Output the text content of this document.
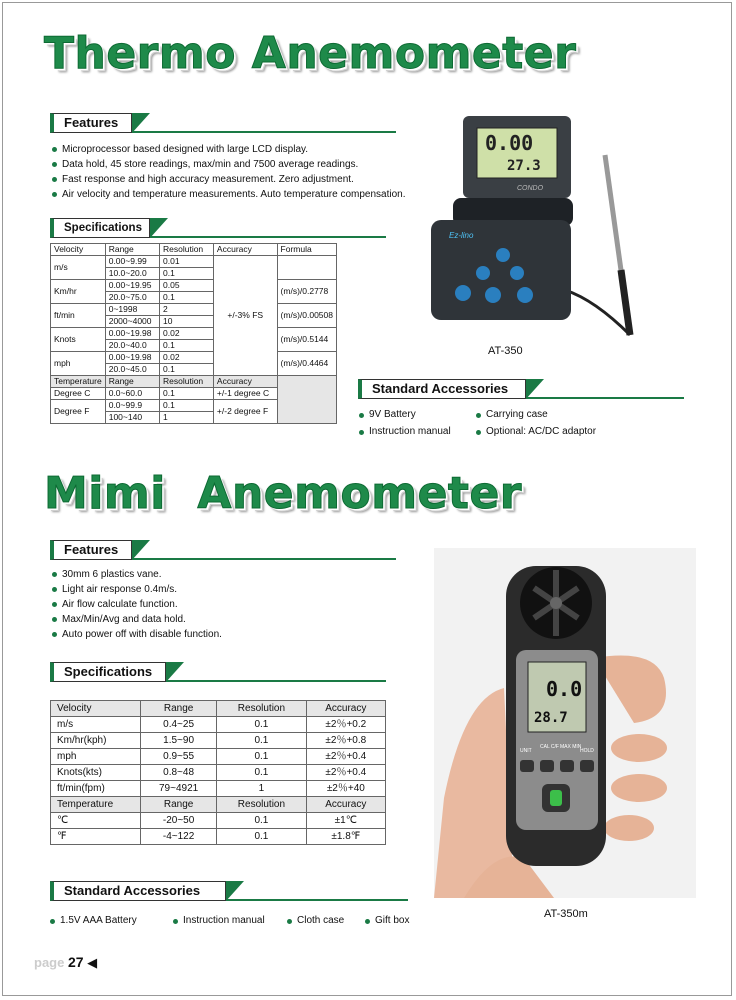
Thermo Anemometer
Features
Microprocessor based designed with large LCD display.
Data hold, 45 store readings, max/min and 7500 average readings.
Fast response and high accuracy measurement. Zero adjustment.
Air velocity and temperature measurements. Auto temperature compensation.
Specifications
Velocity	Range	Resolution	Accuracy	Formula
m/s	0.00~9.99	0.01	+/-3% FS	
	10.0~20.0	0.1		
Km/hr	0.00~19.95	0.05		(m/s)/0.2778
	20.0~75.0	0.1		
ft/min	0~1998	2		(m/s)/0.00508
	2000~4000	10		
Knots	0.00~19.98	0.02		(m/s)/0.5144
	20.0~40.0	0.1		
mph	0.00~19.98	0.02		(m/s)/0.4464
	20.0~45.0	0.1		
Temperature	Range	Resolution	Accuracy	
Degree C	0.0~60.0	0.1	+/-1 degree C	
Degree F	0.0~99.9	0.1	+/-2 degree F	
	100~140	1		
0.00
27.3
CONDO
Ez-lino
AT-350
Standard Accessories
9V Battery	Carrying case
Instruction manual	Optional: AC/DC adaptor
Mimi  Anemometer
Features
30mm 6 plastics vane.
Light air response 0.4m/s.
Air flow calculate function.
Max/Min/Avg and data hold.
Auto power off with disable function.
Specifications
Velocity	Range	Resolution	Accuracy
m/s	0.4~25	0.1	±2％+0.2
Km/hr(kph)	1.5~90	0.1	±2％+0.8
mph	0.9~55	0.1	±2％+0.4
Knots(kts)	0.8~48	0.1	±2％+0.4
ft/min(fpm)	79~4921	1	±2％+40
Temperature	Range	Resolution	Accuracy
℃	-20~50	0.1	±1℃
℉	-4~122	0.1	±1.8℉
0.0
28.7
UNIT
CAL C/F MAX MIN
HOLD
AT-350m
Standard Accessories
1.5V AAA Battery	Instruction manual	Cloth case	Gift box
page 27 ◀
